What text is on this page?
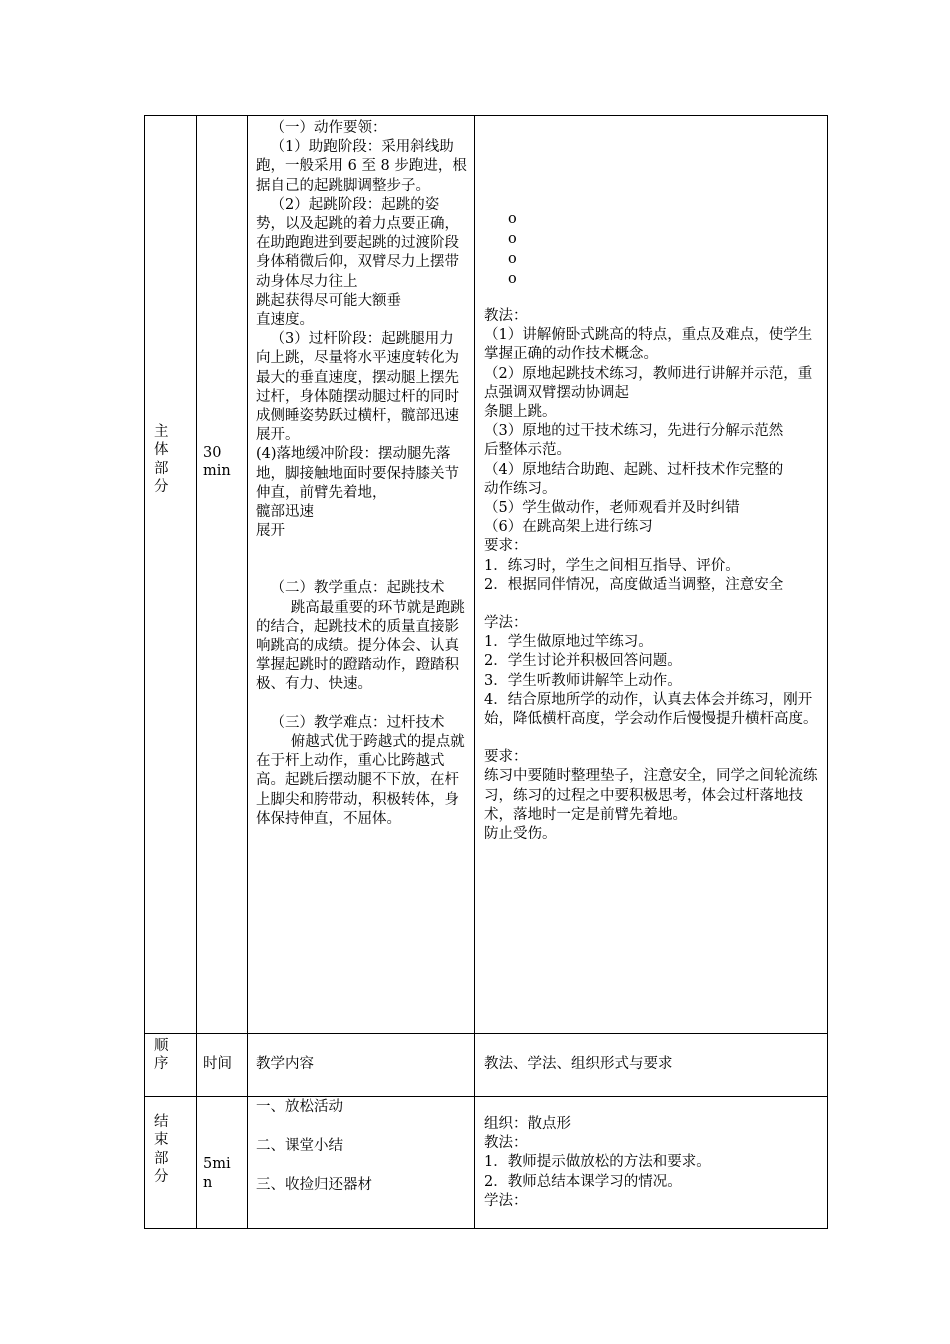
主
体
部
分
30
min

（一）动作要领：

（1）助跑阶段：采用斜线助跑，一般采用 6 至 8 步跑进，根据自己的起跳脚调整步子。

（2）起跳阶段：起跳的姿势，以及起跳的着力点要正确，在助跑跑进到要起跳的过渡阶段身体稍微后仰，双臂尽力上摆带动身体尽力往上

跳起获得尽可能大额垂

直速度。

（3）过杆阶段：起跳腿用力向上跳，尽量将水平速度转化为最大的垂直速度，摆动腿上摆先过杆，身体随摆动腿过杆的同时成侧睡姿势跃过横杆，髋部迅速展开。

(4)落地缓冲阶段：摆动腿先落地，脚接触地面时要保持膝关节伸直，前臂先着地，

髋部迅速

展开

（二）教学重点：起跳技术

跳高最重要的环节就是跑跳的结合，起跳技术的质量直接影响跳高的成绩。提分体会、认真掌握起跳时的蹬踏动作，蹬踏积极、有力、快速。

（三）教学难点：过杆技术

俯越式优于跨越式的提点就在于杆上动作，重心比跨越式高。起跳后摆动腿不下放，在杆上脚尖和胯带动，积极转体，身体保持伸直，不屈体。

o
o
o
o

教法：

（1）讲解俯卧式跳高的特点，重点及难点，使学生掌握正确的动作技术概念。

（2）原地起跳技术练习，教师进行讲解并示范，重点强调双臂摆动协调起

条腿上跳。

（3）原地的过干技术练习，先进行分解示范然

后整体示范。

（4）原地结合助跑、起跳、过杆技术作完整的

动作练习。

（5）学生做动作，老师观看并及时纠错

（6）在跳高架上进行练习

要求：

1．练习时，学生之间相互指导、评价。

2．根据同伴情况，高度做适当调整，注意安全

学法：

1．学生做原地过竿练习。

2．学生讨论并积极回答问题。

3．学生听教师讲解竿上动作。

4．结合原地所学的动作，认真去体会并练习，刚开始，降低横杆高度，学会动作后慢慢提升横杆高度。

要求：

练习中要随时整理垫子，注意安全，同学之间轮流练习，练习的过程之中要积极思考，体会过杆落地技术，落地时一定是前臂先着地。

防止受伤。

顺
序	时间 教学内容	教法、学法、组织形式与要求
结
束
部
分
5mi
n
一、放松活动
二、课堂小结
三、收捡归还器材
组织：散点形
教法：
1．教师提示做放松的方法和要求。
2．教师总结本课学习的情况。
学法：
